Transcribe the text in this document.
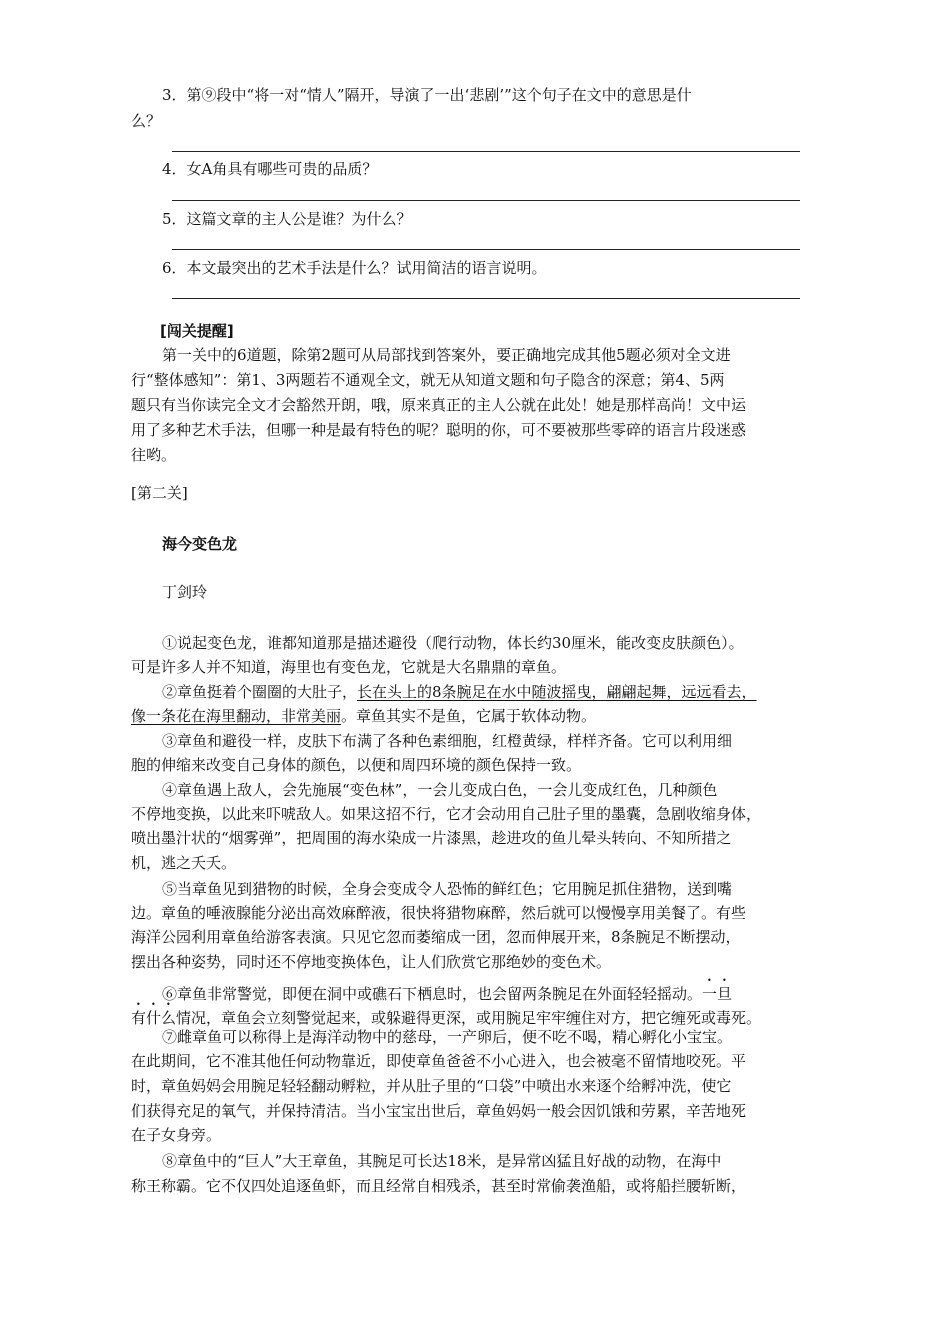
3．第⑨段中“将一对“情人”隔开，导演了一出‘悲剧’”这个句子在文中的意思是什
么？
4．女A角具有哪些可贵的品质？
5．这篇文章的主人公是谁？为什么？
6．本文最突出的艺术手法是什么？试用简洁的语言说明。
[闯关提醒]
第一关中的6道题，除第2题可从局部找到答案外，要正确地完成其他5题必须对全文进
行“整体感知”：第1、3两题若不通观全文，就无从知道文题和句子隐含的深意；第4、5两
题只有当你读完全文才会豁然开朗，哦，原来真正的主人公就在此处！她是那样高尚！文中运
用了多种艺术手法，但哪一种是最有特色的呢？聪明的你，可不要被那些零碎的语言片段迷惑
往哟。
[第二关]
海今变色龙
丁剑玲
①说起变色龙，谁都知道那是描述避役（爬行动物，体长约30厘米，能改变皮肤颜色）。
可是许多人并不知道，海里也有变色龙，它就是大名鼎鼎的章鱼。
②章鱼挺着个圈圈的大肚子，长在头上的8条腕足在水中随波摇曳，翩翩起舞，远远看去，
像一条花在海里翻动，非常美丽。章鱼其实不是鱼，它属于软体动物。
③章鱼和避役一样，皮肤下布满了各种色素细胞，红橙黄绿，样样齐备。它可以利用细
胞的伸缩来改变自己身体的颜色，以便和周四环境的颜色保持一致。
④章鱼遇上敌人，会先施展“变色林”，一会儿变成白色，一会儿变成红色，几种颜色
不停地变换，以此来吓唬敌人。如果这招不行，它才会动用自己肚子里的墨囊，急剧收缩身体，
喷出墨汁状的“烟雾弹”，把周围的海水染成一片漆黑，趁进攻的鱼儿晕头转向、不知所措之
机，逃之夭夭。
⑤当章鱼见到猎物的时候，全身会变成令人恐怖的鲜红色；它用腕足抓住猎物，送到嘴
边。章鱼的唾液腺能分泌出高效麻醉液，很快将猎物麻醉，然后就可以慢慢享用美餐了。有些
海洋公园利用章鱼给游客表演。只见它忽而萎缩成一团，忽而伸展开来，8条腕足不断摆动，
摆出各种姿势，同时还不停地变换体色，让人们欣赏它那绝妙的变色术。
⑥章鱼非常警觉，即便在洞中或礁石下栖息时，也会留两条腕足在外面轻轻摇动。一旦
有什么情况，章鱼会立刻警觉起来，或躲避得更深，或用腕足牢牢缠住对方，把它缠死或毒死。
⑦雌章鱼可以称得上是海洋动物中的慈母，一产卵后，便不吃不喝，精心孵化小宝宝。
在此期间，它不准其他任何动物靠近，即使章鱼爸爸不小心进入，也会被毫不留情地咬死。平
时，章鱼妈妈会用腕足轻轻翻动孵粒，并从肚子里的“口袋”中喷出水来逐个给孵冲洗，使它
们获得充足的氧气，并保持清洁。当小宝宝出世后，章鱼妈妈一般会因饥饿和劳累，辛苦地死
在子女身旁。
⑧章鱼中的“巨人”大王章鱼，其腕足可长达18米，是异常凶猛且好战的动物，在海中
称王称霸。它不仅四处追逐鱼虾，而且经常自相残杀，甚至时常偷袭渔船，或将船拦腰斩断，
